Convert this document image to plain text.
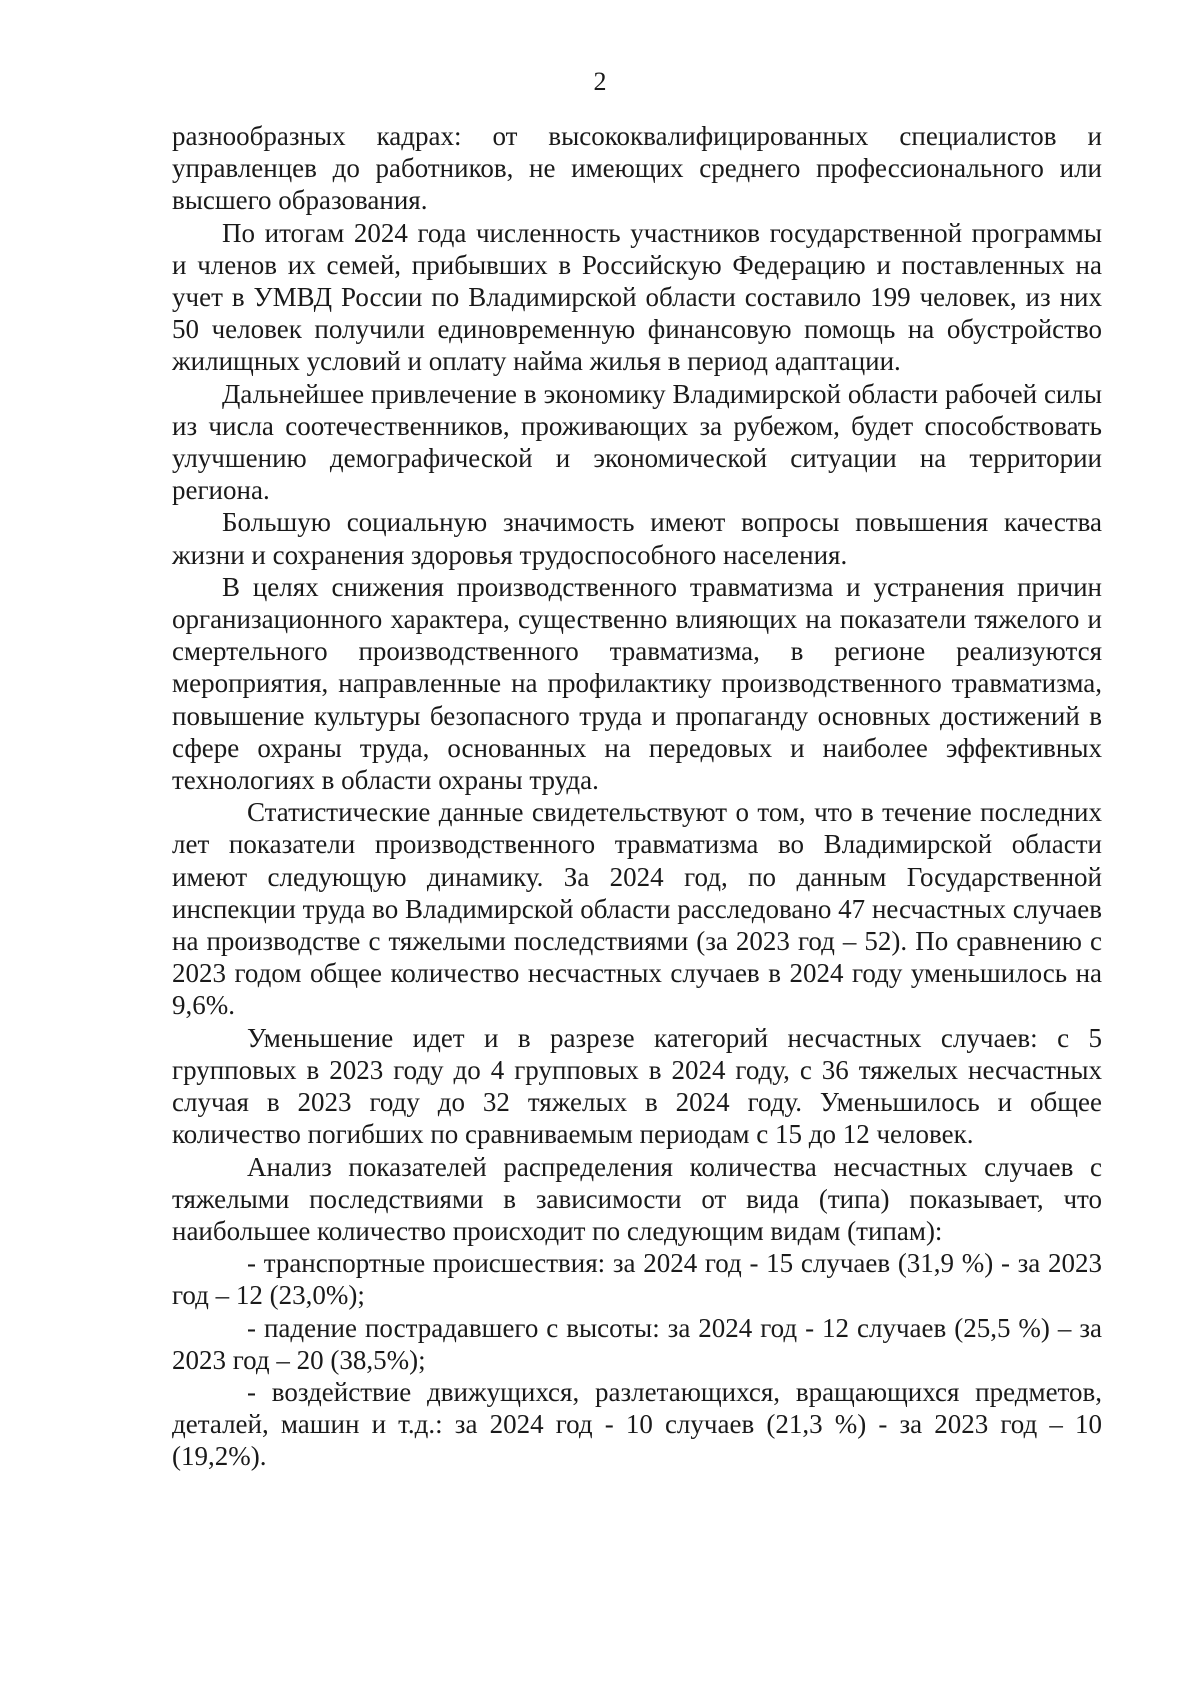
2

разнообразных кадрах: от высококвалифицированных специалистов и управленцев до работников, не имеющих среднего профессионального или высшего образования.

По итогам 2024 года численность участников государственной программы и членов их семей, прибывших в Российскую Федерацию и поставленных на учет в УМВД России по Владимирской области составило 199 человек, из них 50 человек получили единовременную финансовую помощь на обустройство жилищных условий и оплату найма жилья в период адаптации.

Дальнейшее привлечение в экономику Владимирской области рабочей силы из числа соотечественников, проживающих за рубежом, будет способствовать улучшению демографической и экономической ситуации на территории региона.

Большую социальную значимость имеют вопросы повышения качества жизни и сохранения здоровья трудоспособного населения.

В целях снижения производственного травматизма и устранения причин организационного характера, существенно влияющих на показатели тяжелого и смертельного производственного травматизма, в регионе реализуются мероприятия, направленные на профилактику производственного травматизма, повышение культуры безопасного труда и пропаганду основных достижений в сфере охраны труда, основанных на передовых и наиболее эффективных технологиях в области охраны труда.

Статистические данные свидетельствуют о том, что в течение последних лет показатели производственного травматизма во Владимирской области имеют следующую динамику. За 2024 год, по данным Государственной инспекции труда во Владимирской области расследовано 47 несчастных случаев на производстве с тяжелыми последствиями (за 2023 год – 52). По сравнению с 2023 годом общее количество несчастных случаев в 2024 году уменьшилось на 9,6%.

Уменьшение идет и в разрезе категорий несчастных случаев: с 5 групповых в 2023 году до 4 групповых в 2024 году, с 36 тяжелых несчастных случая в 2023 году до 32 тяжелых в 2024 году. Уменьшилось и общее количество погибших по сравниваемым периодам с 15 до 12 человек.

Анализ показателей распределения количества несчастных случаев с тяжелыми последствиями в зависимости от вида (типа) показывает, что наибольшее количество происходит по следующим видам (типам):

- транспортные происшествия: за 2024 год - 15 случаев (31,9 %) - за 2023 год – 12 (23,0%);

- падение пострадавшего с высоты: за 2024 год - 12 случаев (25,5 %) – за 2023 год – 20 (38,5%);

- воздействие движущихся, разлетающихся, вращающихся предметов, деталей, машин и т.д.: за 2024 год - 10 случаев (21,3 %) - за 2023 год – 10 (19,2%).
